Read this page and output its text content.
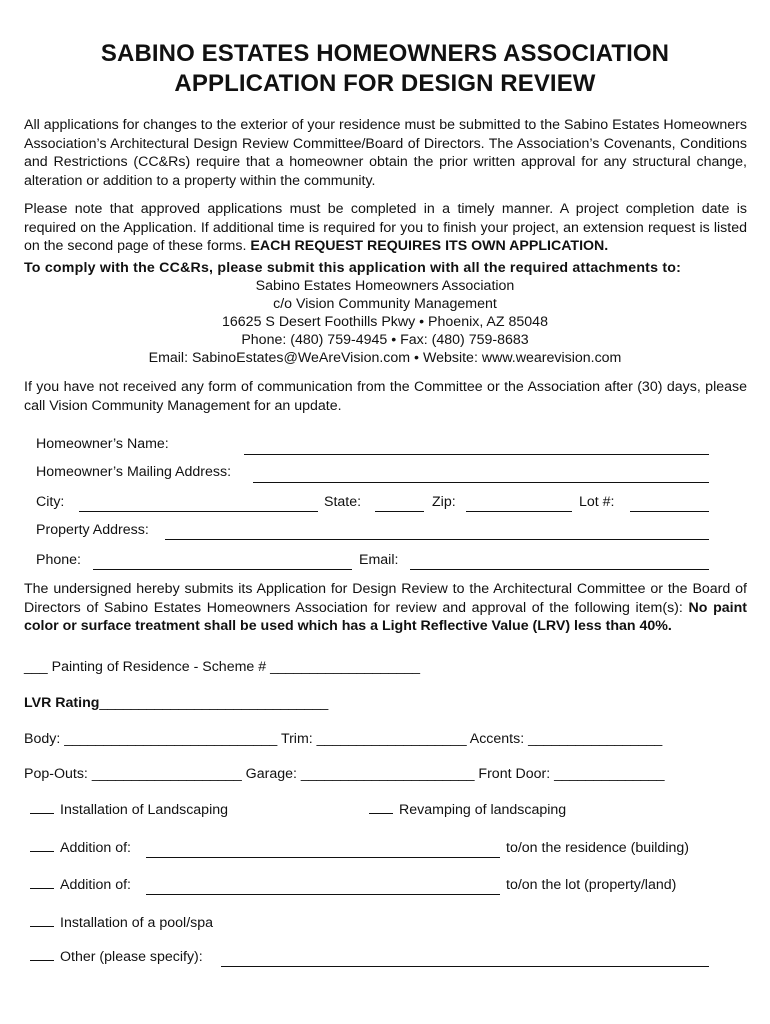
SABINO ESTATES HOMEOWNERS ASSOCIATION
APPLICATION FOR DESIGN REVIEW
All applications for changes to the exterior of your residence must be submitted to the Sabino Estates Homeowners Association’s Architectural Design Review Committee/Board of Directors. The Association’s Covenants, Conditions and Restrictions (CC&Rs) require that a homeowner obtain the prior written approval for any structural change, alteration or addition to a property within the community.
Please note that approved applications must be completed in a timely manner. A project completion date is required on the Application. If additional time is required for you to finish your project, an extension request is listed on the second page of these forms. EACH REQUEST REQUIRES ITS OWN APPLICATION.
To comply with the CC&Rs, please submit this application with all the required attachments to:
Sabino Estates Homeowners Association
c/o Vision Community Management
16625 S Desert Foothills Pkwy • Phoenix, AZ 85048
Phone: (480) 759-4945 • Fax: (480) 759-8683
Email: SabinoEstates@WeAreVision.com • Website: www.wearevision.com
If you have not received any form of communication from the Committee or the Association after (30) days, please call Vision Community Management for an update.
Homeowner’s Name:
Homeowner’s Mailing Address:
City:	State:	Zip:	Lot #:
Property Address:
Phone:	Email:
The undersigned hereby submits its Application for Design Review to the Architectural Committee or the Board of Directors of Sabino Estates Homeowners Association for review and approval of the following item(s): No paint color or surface treatment shall be used which has a Light Reflective Value (LRV) less than 40%.
___ Painting of Residence - Scheme # ___________________
LVR Rating_____________________________
Body: ___________________________ Trim: ___________________ Accents: _________________
Pop-Outs: ___________________ Garage: ______________________ Front Door: ______________
Installation of Landscaping	Revamping of landscaping
Addition of:	to/on the residence (building)
Addition of:	to/on the lot (property/land)
Installation of a pool/spa
Other (please specify):
